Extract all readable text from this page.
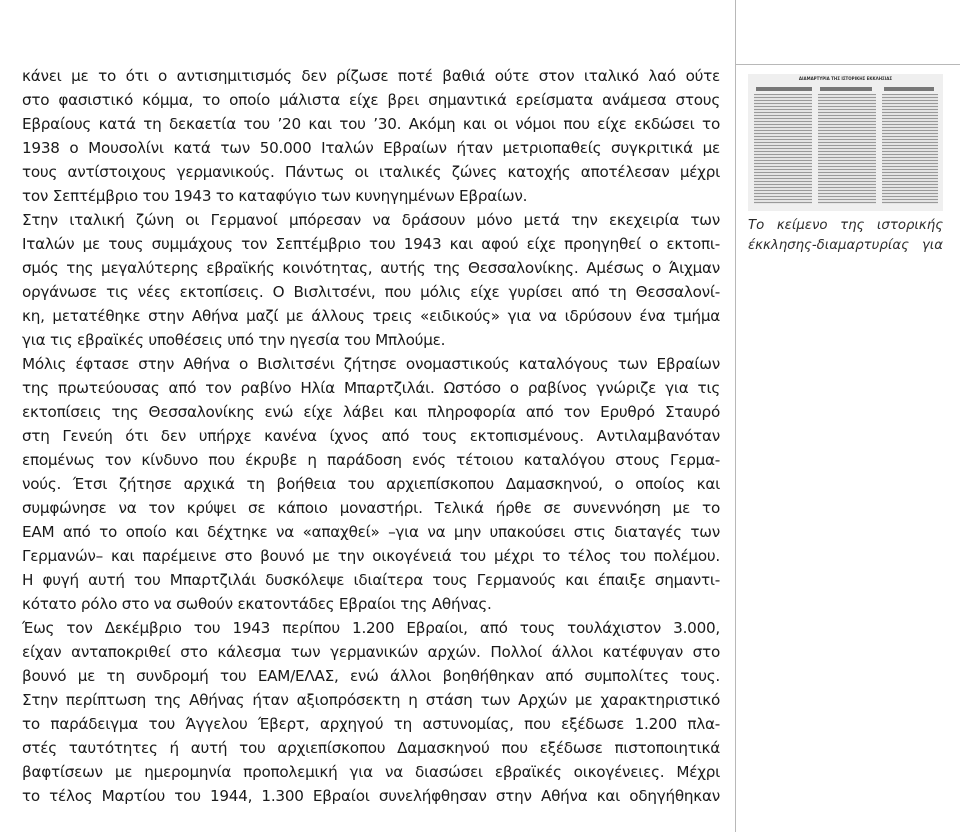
κάνει με το ότι ο αντισημιτισμός δεν ρίζωσε ποτέ βαθιά ούτε στον ιταλικό λαό ούτε
στο φασιστικό κόμμα, το οποίο μάλιστα είχε βρει σημαντικά ερείσματα ανάμεσα στους
Εβραίους κατά τη δεκαετία του ’20 και του ’30. Ακόμη και οι νόμοι που είχε εκδώσει το
1938 ο Μουσολίνι κατά των 50.000 Ιταλών Εβραίων ήταν μετριοπαθείς συγκριτικά με
τους αντίστοιχους γερμανικούς. Πάντως οι ιταλικές ζώνες κατοχής αποτέλεσαν μέχρι
τον Σεπτέμβριο του 1943 το καταφύγιο των κυνηγημένων Εβραίων.
Στην ιταλική ζώνη οι Γερμανοί μπόρεσαν να δράσουν μόνο μετά την εκεχειρία των
Ιταλών με τους συμμάχους τον Σεπτέμβριο του 1943 και αφού είχε προηγηθεί ο εκτοπι-
σμός της μεγαλύτερης εβραϊκής κοινότητας, αυτής της Θεσσαλονίκης. Αμέσως ο Άιχμαν
οργάνωσε τις νέες εκτοπίσεις. Ο Βισλιτσένι, που μόλις είχε γυρίσει από τη Θεσσαλονί-
κη, μετατέθηκε στην Αθήνα μαζί με άλλους τρεις «ειδικούς» για να ιδρύσουν ένα τμήμα
για τις εβραϊκές υποθέσεις υπό την ηγεσία του Μπλούμε.
Μόλις έφτασε στην Αθήνα ο Βισλιτσένι ζήτησε ονομαστικούς καταλόγους των Εβραίων
της πρωτεύουσας από τον ραβίνο Ηλία Μπαρτζιλάι. Ωστόσο ο ραβίνος γνώριζε για τις
εκτοπίσεις της Θεσσαλονίκης ενώ είχε λάβει και πληροφορία από τον Ερυθρό Σταυρό
στη Γενεύη ότι δεν υπήρχε κανένα ίχνος από τους εκτοπισμένους. Αντιλαμβανόταν
επομένως τον κίνδυνο που έκρυβε η παράδοση ενός τέτοιου καταλόγου στους Γερμα-
νούς. Έτσι ζήτησε αρχικά τη βοήθεια του αρχιεπίσκοπου Δαμασκηνού, ο οποίος και
συμφώνησε να τον κρύψει σε κάποιο μοναστήρι. Τελικά ήρθε σε συνεννόηση με το
ΕΑΜ από το οποίο και δέχτηκε να «απαχθεί» –για να μην υπακούσει στις διαταγές των
Γερμανών– και παρέμεινε στο βουνό με την οικογένειά του μέχρι το τέλος του πολέμου.
Η φυγή αυτή του Μπαρτζιλάι δυσκόλεψε ιδιαίτερα τους Γερμανούς και έπαιξε σημαντι-
κότατο ρόλο στο να σωθούν εκατοντάδες Εβραίοι της Αθήνας.
Έως τον Δεκέμβριο του 1943 περίπου 1.200 Εβραίοι, από τους τουλάχιστον 3.000,
είχαν ανταποκριθεί στο κάλεσμα των γερμανικών αρχών. Πολλοί άλλοι κατέφυγαν στο
βουνό με τη συνδρομή του ΕΑΜ/ΕΛΑΣ, ενώ άλλοι βοηθήθηκαν από συμπολίτες τους.
Στην περίπτωση της Αθήνας ήταν αξιοπρόσεκτη η στάση των Αρχών με χαρακτηριστικό
το παράδειγμα του Άγγελου Έβερτ, αρχηγού τη αστυνομίας, που εξέδωσε 1.200 πλα-
στές ταυτότητες ή αυτή του αρχιεπίσκοπου Δαμασκηνού που εξέδωσε πιστοποιητικά
βαφτίσεων με ημερομηνία προπολεμική για να διασώσει εβραϊκές οικογένειες. Μέχρι
το τέλος Μαρτίου του 1944, 1.300 Εβραίοι συνελήφθησαν στην Αθήνα και οδηγήθηκαν
ΔΙΑΜΑΡΤΥΡΙΑ ΤΗΣ ΙΣΤΟΡΙΚΗΣ ΕΚΚΛΗΣΙΑΣ
Το κείμενο της ιστορικής
έκκλησης-διαμαρτυρίας για
